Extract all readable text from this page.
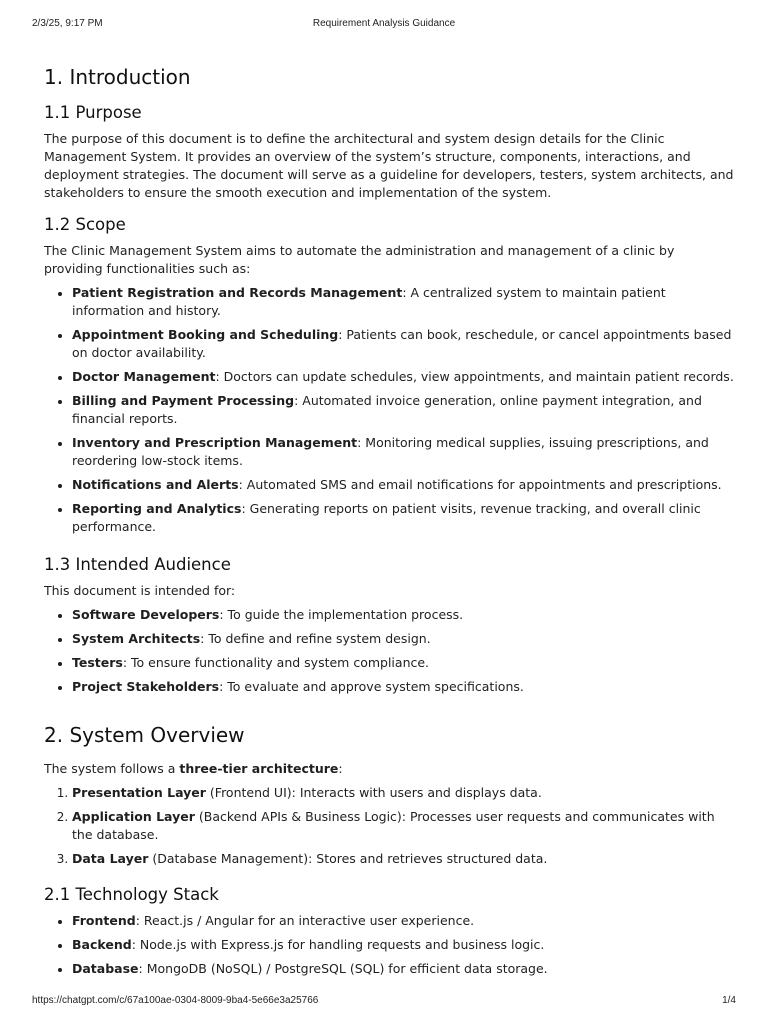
2/3/25, 9:17 PM	Requirement Analysis Guidance
1. Introduction
1.1 Purpose

The purpose of this document is to define the architectural and system design details for the Clinic Management System. It provides an overview of the system’s structure, components, interactions, and deployment strategies. The document will serve as a guideline for developers, testers, system architects, and stakeholders to ensure the smooth execution and implementation of the system.

1.2 Scope

The Clinic Management System aims to automate the administration and management of a clinic by providing functionalities such as:

• Patient Registration and Records Management: A centralized system to maintain patient information and history.
• Appointment Booking and Scheduling: Patients can book, reschedule, or cancel appointments based on doctor availability.
• Doctor Management: Doctors can update schedules, view appointments, and maintain patient records.
• Billing and Payment Processing: Automated invoice generation, online payment integration, and financial reports.
• Inventory and Prescription Management: Monitoring medical supplies, issuing prescriptions, and reordering low-stock items.
• Notifications and Alerts: Automated SMS and email notifications for appointments and prescriptions.
• Reporting and Analytics: Generating reports on patient visits, revenue tracking, and overall clinic performance.
1.3 Intended Audience

This document is intended for:

• Software Developers: To guide the implementation process.
• System Architects: To define and refine system design.
• Testers: To ensure functionality and system compliance.
• Project Stakeholders: To evaluate and approve system specifications.
2. System Overview

The system follows a three-tier architecture:

1. Presentation Layer (Frontend UI): Interacts with users and displays data.
2. Application Layer (Backend APIs & Business Logic): Processes user requests and communicates with the database.
3. Data Layer (Database Management): Stores and retrieves structured data.
2.1 Technology Stack
• Frontend: React.js / Angular for an interactive user experience.
• Backend: Node.js with Express.js for handling requests and business logic.
• Database: MongoDB (NoSQL) / PostgreSQL (SQL) for efficient data storage.
https://chatgpt.com/c/67a100ae-0304-8009-9ba4-5e66e3a25766	1/4
